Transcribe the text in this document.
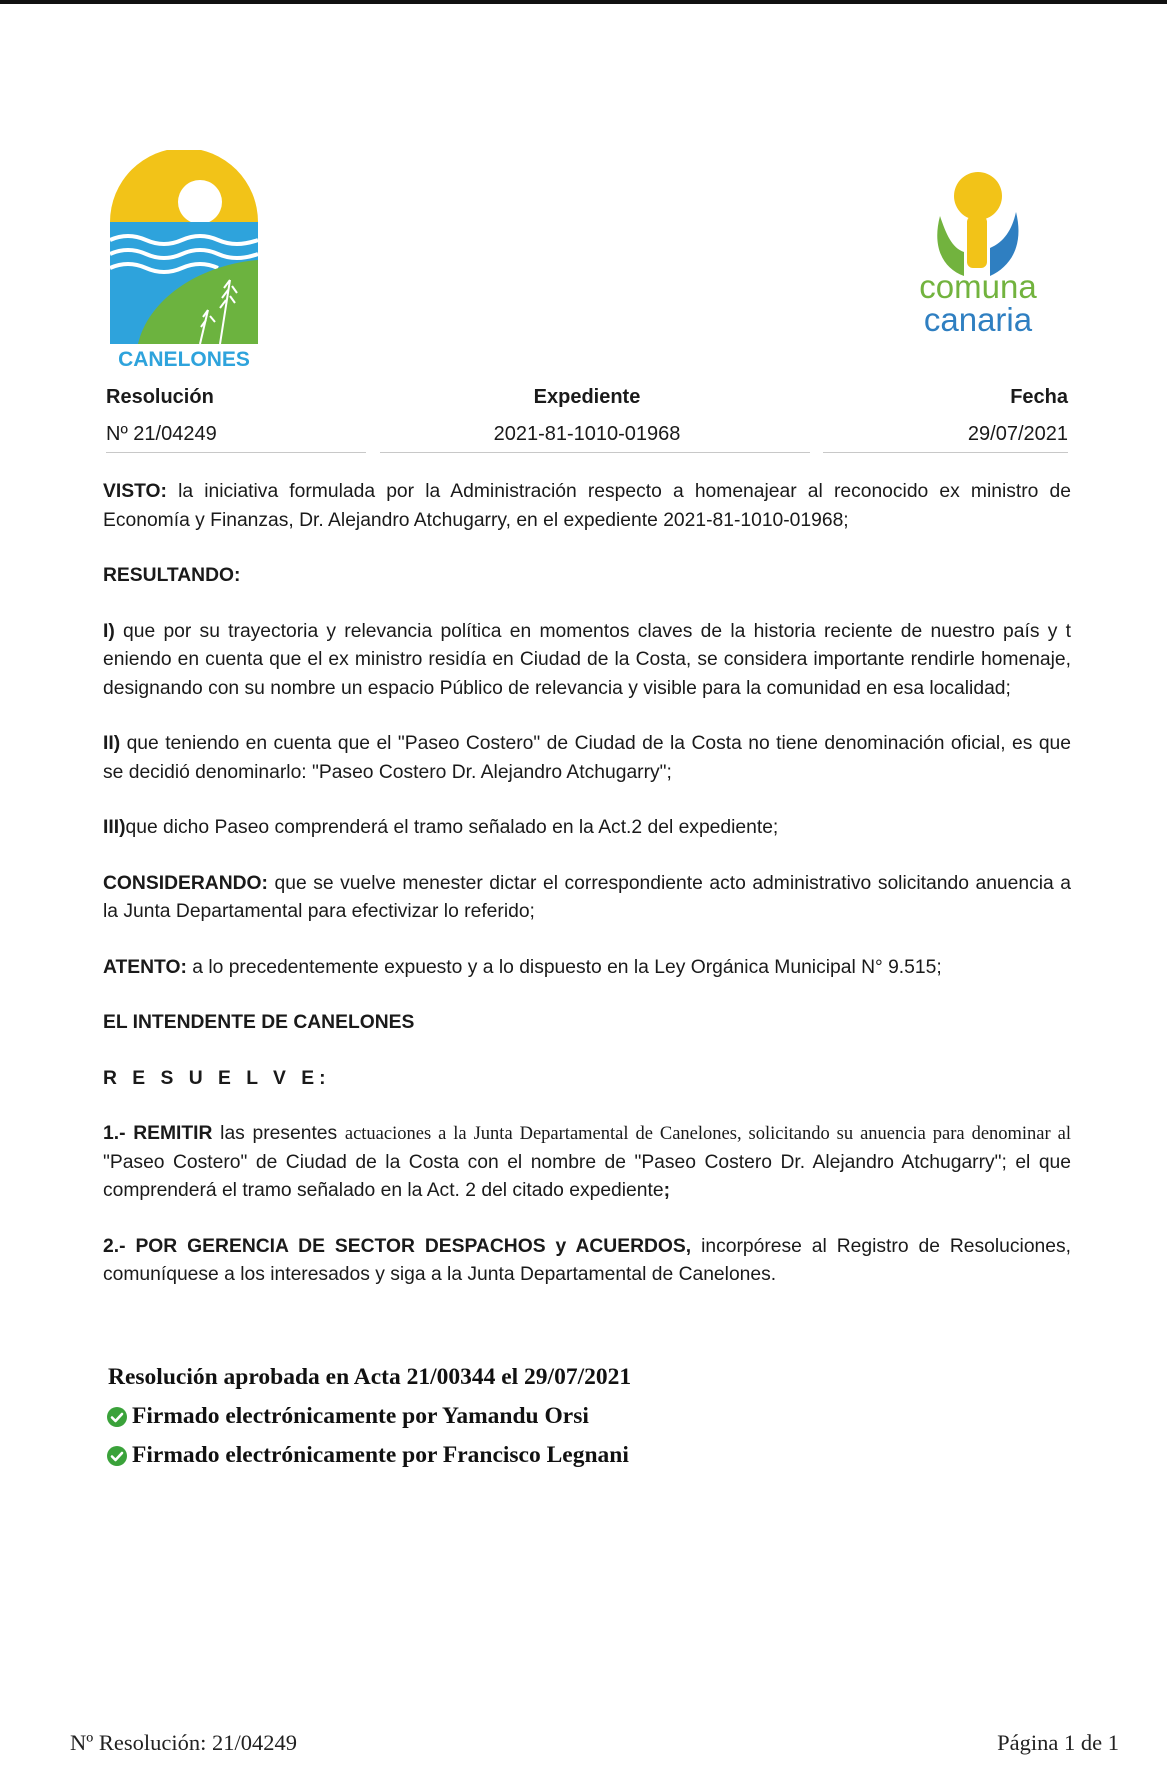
CANELONES
comuna
canaria
Resolución
Nº 21/04249
Expediente
2021-81-1010-01968
Fecha
29/07/2021

VISTO: la iniciativa formulada por la Administración respecto a homenajear al reconocido ex ministro de Economía y Finanzas, Dr. Alejandro Atchugarry, en el expediente 2021-81-1010-01968;

RESULTANDO:

I) que por su trayectoria y relevancia política en momentos claves de la historia reciente de nuestro país y t eniendo en cuenta que el ex ministro residía en Ciudad de la Costa, se considera importante rendirle homenaje, designando con su nombre un espacio Público de relevancia y visible para la comunidad en esa localidad;

II) que teniendo en cuenta que el "Paseo Costero" de Ciudad de la Costa no tiene denominación oficial, es que se decidió denominarlo: "Paseo Costero Dr. Alejandro Atchugarry";

III)que dicho Paseo comprenderá el tramo señalado en la Act.2 del expediente;

CONSIDERANDO: que se vuelve menester dictar el correspondiente acto administrativo solicitando anuencia a la Junta Departamental para efectivizar lo referido;

ATENTO: a lo precedentemente expuesto y a lo dispuesto en la Ley Orgánica Municipal N° 9.515;

EL INTENDENTE DE CANELONES

R E S U E L V E:

1.- REMITIR las presentes actuaciones a la Junta Departamental de Canelones, solicitando su anuencia para denominar al "Paseo Costero" de Ciudad de la Costa con el nombre de "Paseo Costero Dr. Alejandro Atchugarry"; el que comprenderá el tramo señalado en la Act. 2 del citado expediente;

2.- POR GERENCIA DE SECTOR DESPACHOS y ACUERDOS, incorpórese al Registro de Resoluciones, comuníquese a los interesados y siga a la Junta Departamental de Canelones.

Resolución aprobada en Acta 21/00344 el 29/07/2021
Firmado electrónicamente por Yamandu Orsi
Firmado electrónicamente por Francisco Legnani
Nº Resolución: 21/04249	Página 1 de 1
